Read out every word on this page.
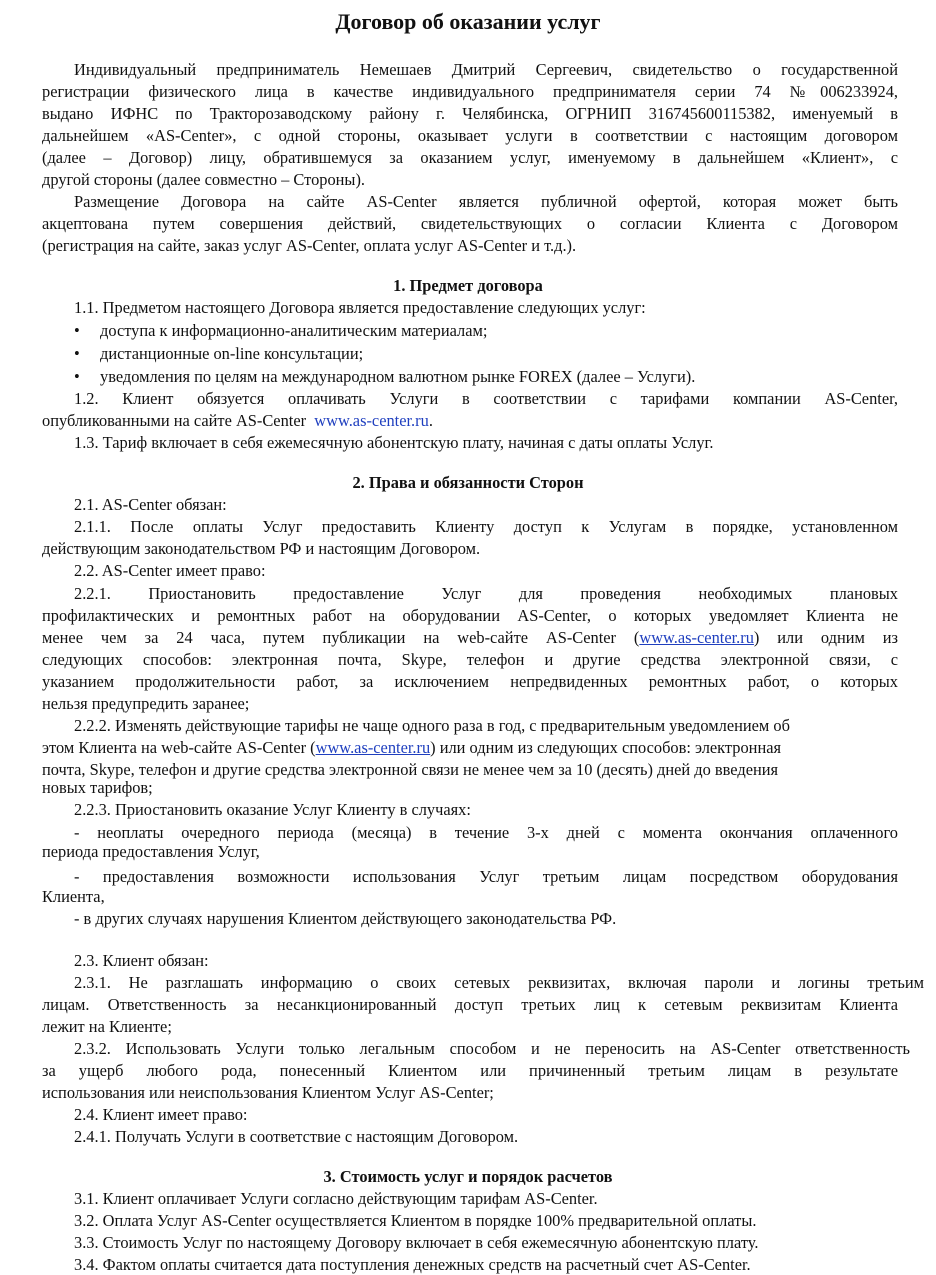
Договор об оказании услуг
Индивидуальный предприниматель Немешаев Дмитрий Сергеевич, свидетельство о государственной
регистрации физического лица в качестве индивидуального предпринимателя серии 74 №006233924,
выдано ИФНС по Тракторозаводскому району г. Челябинска, ОГРНИП 316745600115382, именуемый в
дальнейшем «AS-Center», с одной стороны, оказывает услуги в соответствии с настоящим договором
(далее – Договор) лицу, обратившемуся за оказанием услуг, именуемому в дальнейшем «Клиент», с
другой стороны (далее совместно – Стороны).
Размещение Договора на сайте AS-Center является публичной офертой, которая может быть
акцептована путем совершения действий, свидетельствующих о согласии Клиента с Договором
(регистрация на сайте, заказ услуг AS-Center, оплата услуг AS-Center и т.д.).
1. Предмет договора
1.1. Предметом настоящего Договора является предоставление следующих услуг:
• доступа к информационно-аналитическим материалам;
• дистанционные on-line консультации;
• уведомления по целям на международном валютном рынке FOREX (далее – Услуги).
1.2. Клиент обязуется оплачивать Услуги в соответствии с тарифами компании AS-Center,
опубликованными на сайте AS-Center www.as-center.ru.
1.3. Тариф включает в себя ежемесячную абонентскую плату, начиная с даты оплаты Услуг.
2. Права и обязанности Сторон
2.1. AS-Center обязан:
2.1.1. После оплаты Услуг предоставить Клиенту доступ к Услугам в порядке, установленном
действующим законодательством РФ и настоящим Договором.
2.2. AS-Center имеет право:
2.2.1. Приостановить предоставление Услуг для проведения необходимых плановых
профилактических и ремонтных работ на оборудовании AS-Center, о которых уведомляет Клиента не
менее чем за 24 часа, путем публикации на web-сайте AS-Center (www.as-center.ru) или одним из
следующих способов: электронная почта, Skype, телефон и другие средства электронной связи, с
указанием продолжительности работ, за исключением непредвиденных ремонтных работ, о которых
нельзя предупредить заранее;
2.2.2. Изменять действующие тарифы не чаще одного раза в год, с предварительным уведомлением об
этом Клиента на web-сайте AS-Center (www.as-center.ru) или одним из следующих способов: электронная
почта, Skype, телефон и другие средства электронной связи не менее чем за 10 (десять) дней до введения
новых тарифов;
2.2.3. Приостановить оказание Услуг Клиенту в случаях:
- неоплаты очередного периода (месяца) в течение 3-х дней с момента окончания оплаченного
периода предоставления Услуг,
- предоставления возможности использования Услуг третьим лицам посредством оборудования
Клиента,
- в других случаях нарушения Клиентом действующего законодательства РФ.
2.3. Клиент обязан:
2.3.1. Не разглашать информацию о своих сетевых реквизитах, включая пароли и логины третьим
лицам. Ответственность за несанкционированный доступ третьих лиц к сетевым реквизитам Клиента
лежит на Клиенте;
2.3.2. Использовать Услуги только легальным способом и не переносить на AS-Center ответственность
за ущерб любого рода, понесенный Клиентом или причиненный третьим лицам в результате
использования или неиспользования Клиентом Услуг AS-Center;
2.4. Клиент имеет право:
2.4.1. Получать Услуги в соответствие с настоящим Договором.
3. Стоимость услуг и порядок расчетов
3.1. Клиент оплачивает Услуги согласно действующим тарифам AS-Center.
3.2. Оплата Услуг AS-Center осуществляется Клиентом в порядке 100% предварительной оплаты.
3.3. Стоимость Услуг по настоящему Договору включает в себя ежемесячную абонентскую плату.
3.4. Фактом оплаты считается дата поступления денежных средств на расчетный счет AS-Center.
